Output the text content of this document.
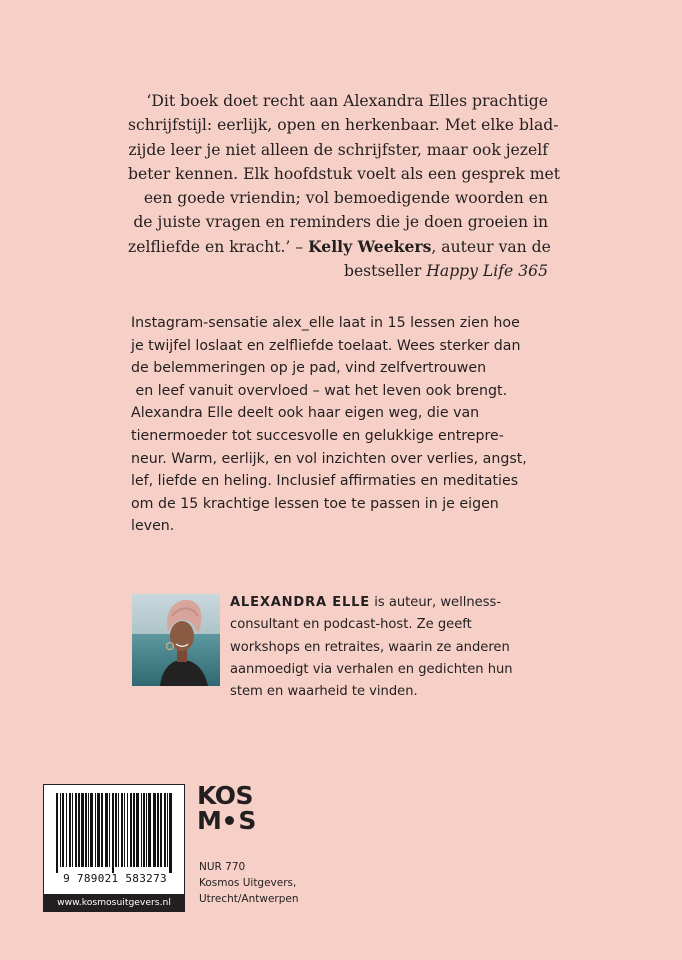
‘Dit boek doet recht aan Alexandra Elles prachtige
schrijfstijl: eerlijk, open en herkenbaar. Met elke blad-
zijde leer je niet alleen de schrijfster, maar ook jezelf
beter kennen. Elk hoofdstuk voelt als een gesprek met
een goede vriendin; vol bemoedigende woorden en
de juiste vragen en reminders die je doen groeien in
zelfliefde en kracht.’ – Kelly Weekers, auteur van de
bestseller Happy Life 365
Instagram-sensatie alex_elle laat in 15 lessen zien hoe
je twijfel loslaat en zelfliefde toelaat. Wees sterker dan
de belemmeringen op je pad, vind zelfvertrouwen
en leef vanuit overvloed – wat het leven ook brengt.
Alexandra Elle deelt ook haar eigen weg, die van
tienermoeder tot succesvolle en gelukkige entrepre-
neur. Warm, eerlijk, en vol inzichten over verlies, angst,
lef, liefde en heling. Inclusief affirmaties en meditaties
om de 15 krachtige lessen toe te passen in je eigen
leven.
ALEXANDRA ELLE is auteur, wellness-
consultant en podcast-host. Ze geeft
workshops en retraites, waarin ze anderen
aanmoedigt via verhalen en gedichten hun
stem en waarheid te vinden.
9 789021 583273
www.kosmosuitgevers.nl
KOS
M S
NUR 770
Kosmos Uitgevers,
Utrecht/Antwerpen
